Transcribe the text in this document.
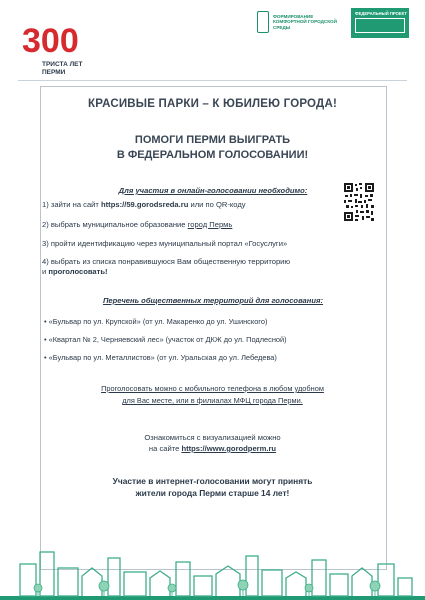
300
ТРИСТА ЛЕТ
ПЕРМИ
ФОРМИРОВАНИЕ КОМФОРТНОЙ ГОРОДСКОЙ СРЕДЫ
ФЕДЕРАЛЬНЫЙ ПРОЕКТ
КРАСИВЫЕ ПАРКИ – К ЮБИЛЕЮ ГОРОДА!
ПОМОГИ ПЕРМИ ВЫИГРАТЬ
В ФЕДЕРАЛЬНОМ ГОЛОСОВАНИИ!
Для участия в онлайн-голосовании необходимо:
1) зайти на сайт https://59.gorodsreda.ru или по QR-коду
2) выбрать муниципальное образование город Пермь
3) пройти идентификацию через муниципальный портал «Госуслуги»
4) выбрать из списка понравившуюся Вам общественную территорию
и проголосовать!
Перечень общественных территорий для голосования:
• «Бульвар по ул. Крупской» (от ул. Макаренко до ул. Ушинского)
• «Квартал № 2, Черняевский лес» (участок от ДКЖ до ул. Подлесной)
• «Бульвар по ул. Металлистов» (от ул. Уральская до ул. Лебедева)
Проголосовать можно с мобильного телефона в любом удобном
для Вас месте, или в филиалах МФЦ города Перми.
Ознакомиться с визуализацией можно
на сайте https://www.gorodperm.ru
Участие в интернет-голосовании могут принять
жители города Перми старше 14 лет!
